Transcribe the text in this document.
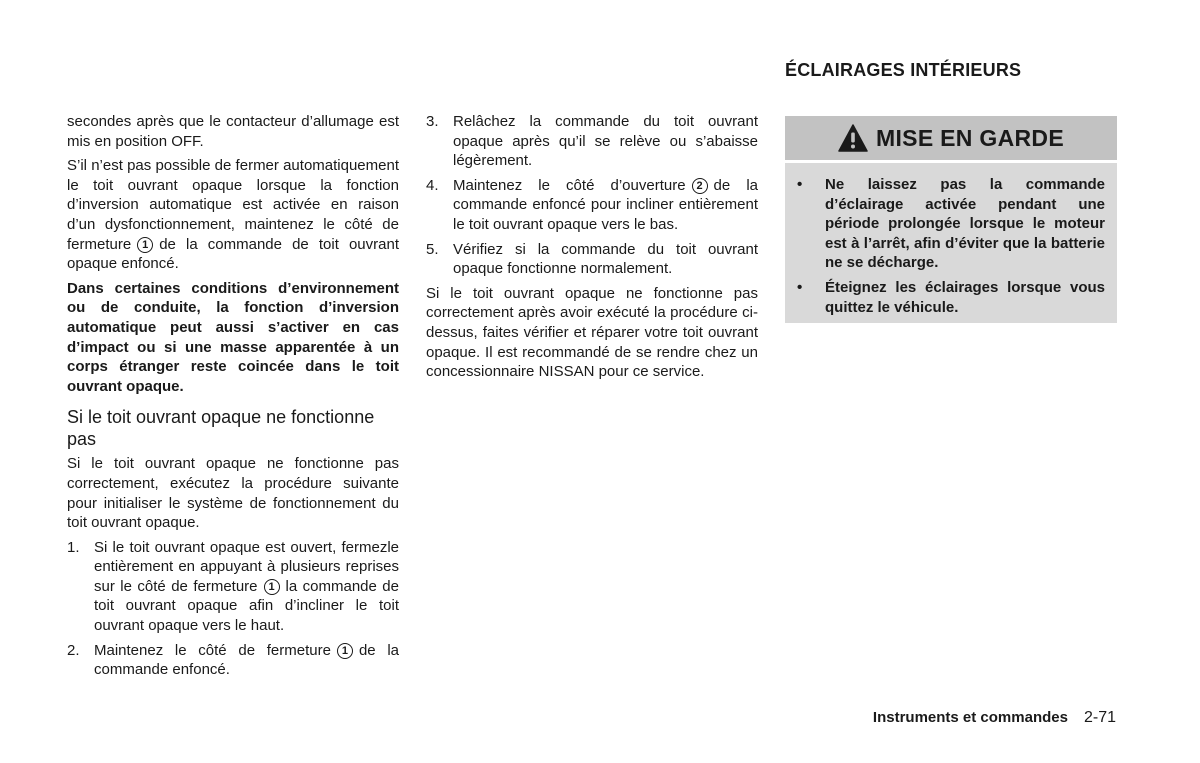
secondes après que le contacteur d’allumage est mis en position OFF.

S’il n’est pas possible de fermer automatiquement le toit ouvrant opaque lorsque la fonction d’inversion automatique est activée en raison d’un dysfonctionnement, maintenez le côté de fermeture 1 de la commande de toit ouvrant opaque enfoncé.

Dans certaines conditions d’environnement ou de conduite, la fonction d’inversion automatique peut aussi s’activer en cas d’impact ou si une masse apparentée à un corps étranger reste coincée dans le toit ouvrant opaque.

Si le toit ouvrant opaque ne fonctionne pas

Si le toit ouvrant opaque ne fonctionne pas correctement, exécutez la procédure suivante pour initialiser le système de fonctionnement du toit ouvrant opaque.

1. Si le toit ouvrant opaque est ouvert, fermezle entièrement en appuyant à plusieurs reprises sur le côté de fermeture 1 la commande de toit ouvrant opaque afin d’incliner le toit ouvrant opaque vers le haut.
2. Maintenez le côté de fermeture 1 de la commande enfoncé.
3. Relâchez la commande du toit ouvrant opaque après qu’il se relève ou s’abaisse légèrement.
4. Maintenez le côté d’ouverture 2 de la commande enfoncé pour incliner entièrement le toit ouvrant opaque vers le bas.
5. Vérifiez si la commande du toit ouvrant opaque fonctionne normalement.

Si le toit ouvrant opaque ne fonctionne pas correctement après avoir exécuté la procédure ci-dessus, faites vérifier et réparer votre toit ouvrant opaque. Il est recommandé de se rendre chez un concessionnaire NISSAN pour ce service.

ÉCLAIRAGES INTÉRIEURS
MISE EN GARDE
• Ne laissez pas la commande d’éclairage activée pendant une période prolongée lorsque le moteur est à l’arrêt, afin d’éviter que la batterie ne se décharge.
• Éteignez les éclairages lorsque vous quittez le véhicule.
Instruments et commandes 2-71
